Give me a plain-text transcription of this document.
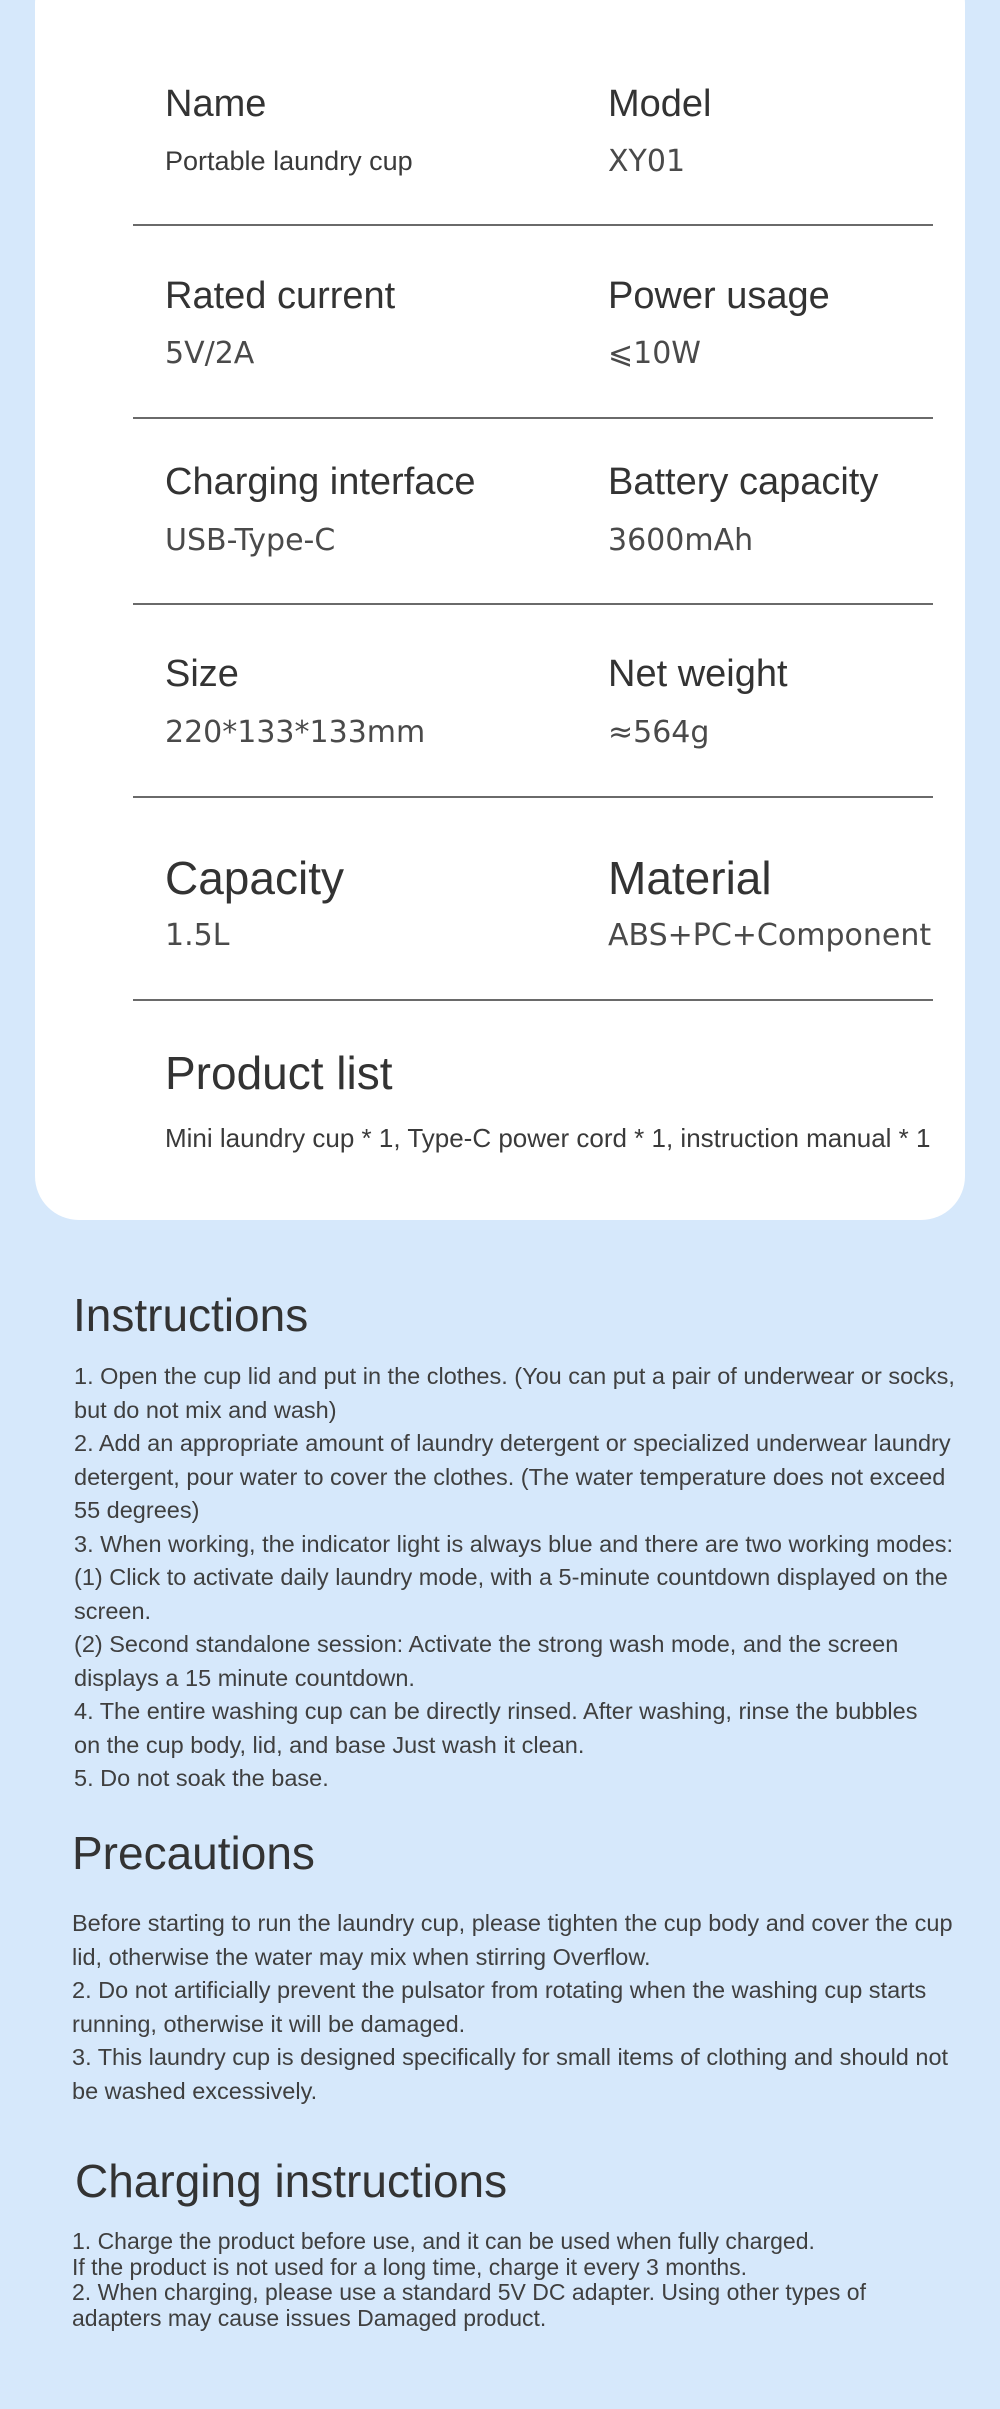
Name
Portable laundry cup
Model
XY01
Rated current
5V/2A
Power usage
⩽10W
Charging interface
USB-Type-C
Battery capacity
3600mAh
Size
220*133*133mm
Net weight
≈564g
Capacity
1.5L
Material
ABS+PC+Component
Product list
Mini laundry cup * 1, Type-C power cord * 1, instruction manual * 1
Instructions
1. Open the cup lid and put in the clothes. (You can put a pair of underwear or socks,
but do not mix and wash)
2. Add an appropriate amount of laundry detergent or specialized underwear laundry
detergent, pour water to cover the clothes. (The water temperature does not exceed
55 degrees)
3. When working, the indicator light is always blue and there are two working modes:
(1) Click to activate daily laundry mode, with a 5-minute countdown displayed on the
screen.
(2) Second standalone session: Activate the strong wash mode, and the screen
displays a 15 minute countdown.
4. The entire washing cup can be directly rinsed. After washing, rinse the bubbles
on the cup body, lid, and base Just wash it clean.
5. Do not soak the base.
Precautions
Before starting to run the laundry cup, please tighten the cup body and cover the cup
lid, otherwise the water may mix when stirring Overflow.
2. Do not artificially prevent the pulsator from rotating when the washing cup starts
running, otherwise it will be damaged.
3. This laundry cup is designed specifically for small items of clothing and should not
be washed excessively.
Charging instructions
1. Charge the product before use, and it can be used when fully charged.
If the product is not used for a long time, charge it every 3 months.
2. When charging, please use a standard 5V DC adapter. Using other types of
adapters may cause issues Damaged product.
